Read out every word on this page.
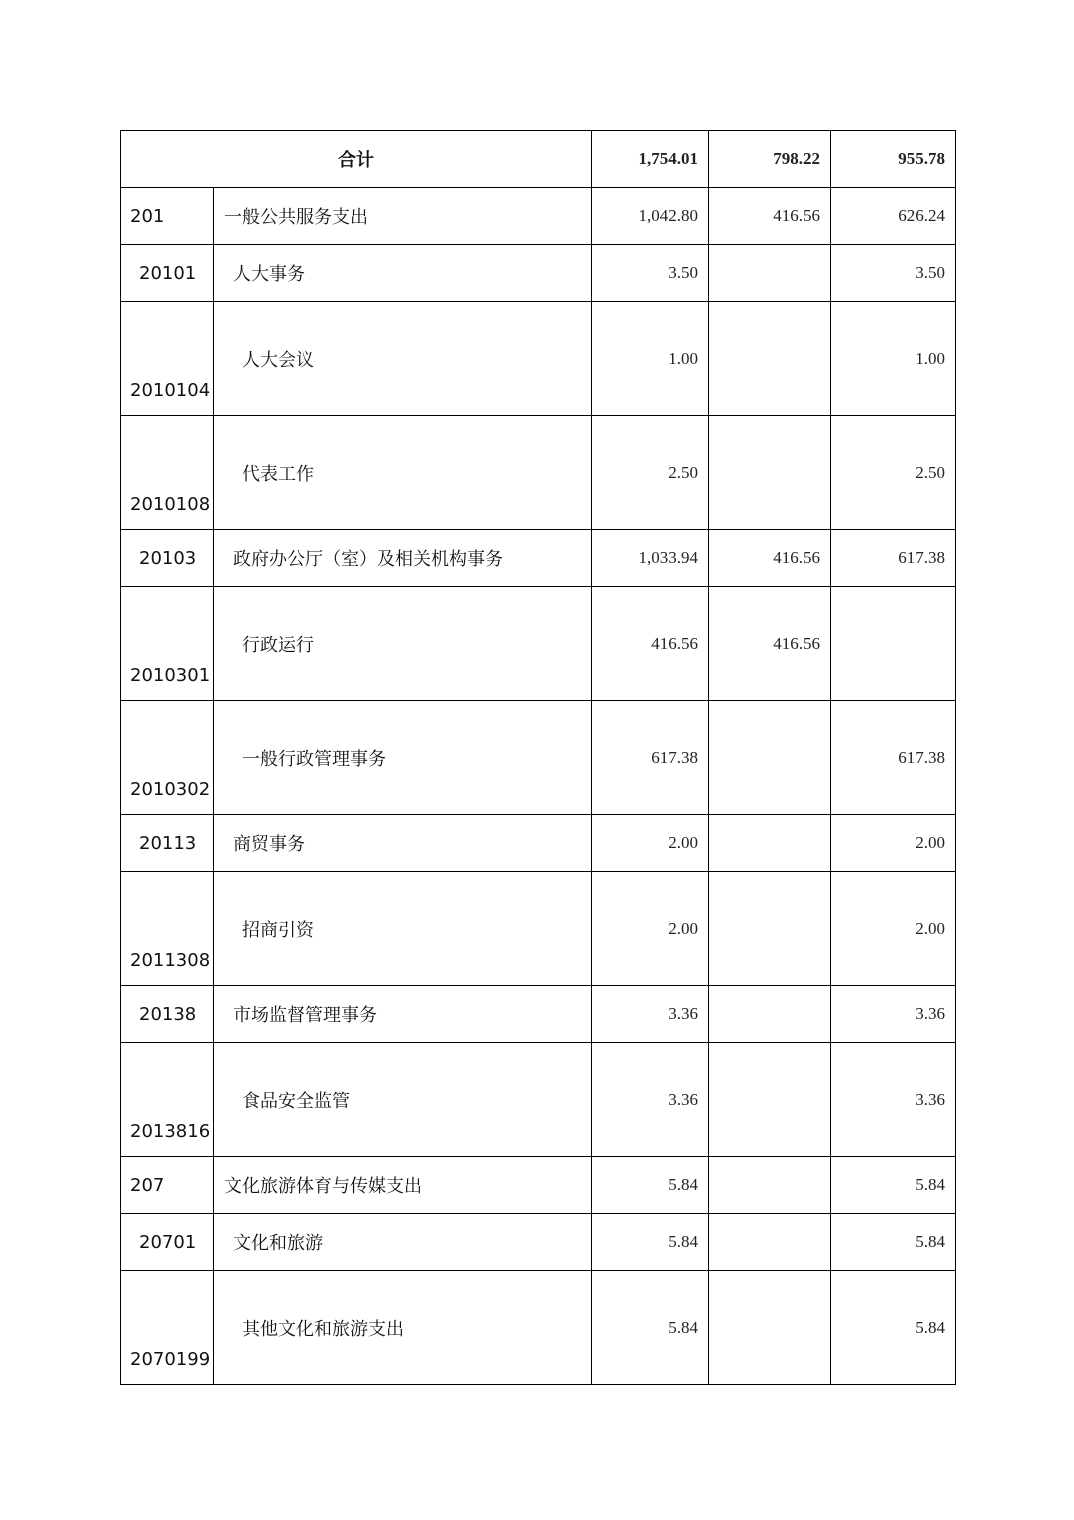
合计		1,754.01	798.22	955.78
201	一般公共服务支出	1,042.80	416.56	626.24
20101	人大事务	3.50		3.50
2010104	人大会议	1.00		1.00
2010108	代表工作	2.50		2.50
20103	政府办公厅（室）及相关机构事务	1,033.94	416.56	617.38
2010301	行政运行	416.56	416.56	
2010302	一般行政管理事务	617.38		617.38
20113	商贸事务	2.00		2.00
2011308	招商引资	2.00		2.00
20138	市场监督管理事务	3.36		3.36
2013816	食品安全监管	3.36		3.36
207	文化旅游体育与传媒支出	5.84		5.84
20701	文化和旅游	5.84		5.84
2070199	其他文化和旅游支出	5.84		5.84
